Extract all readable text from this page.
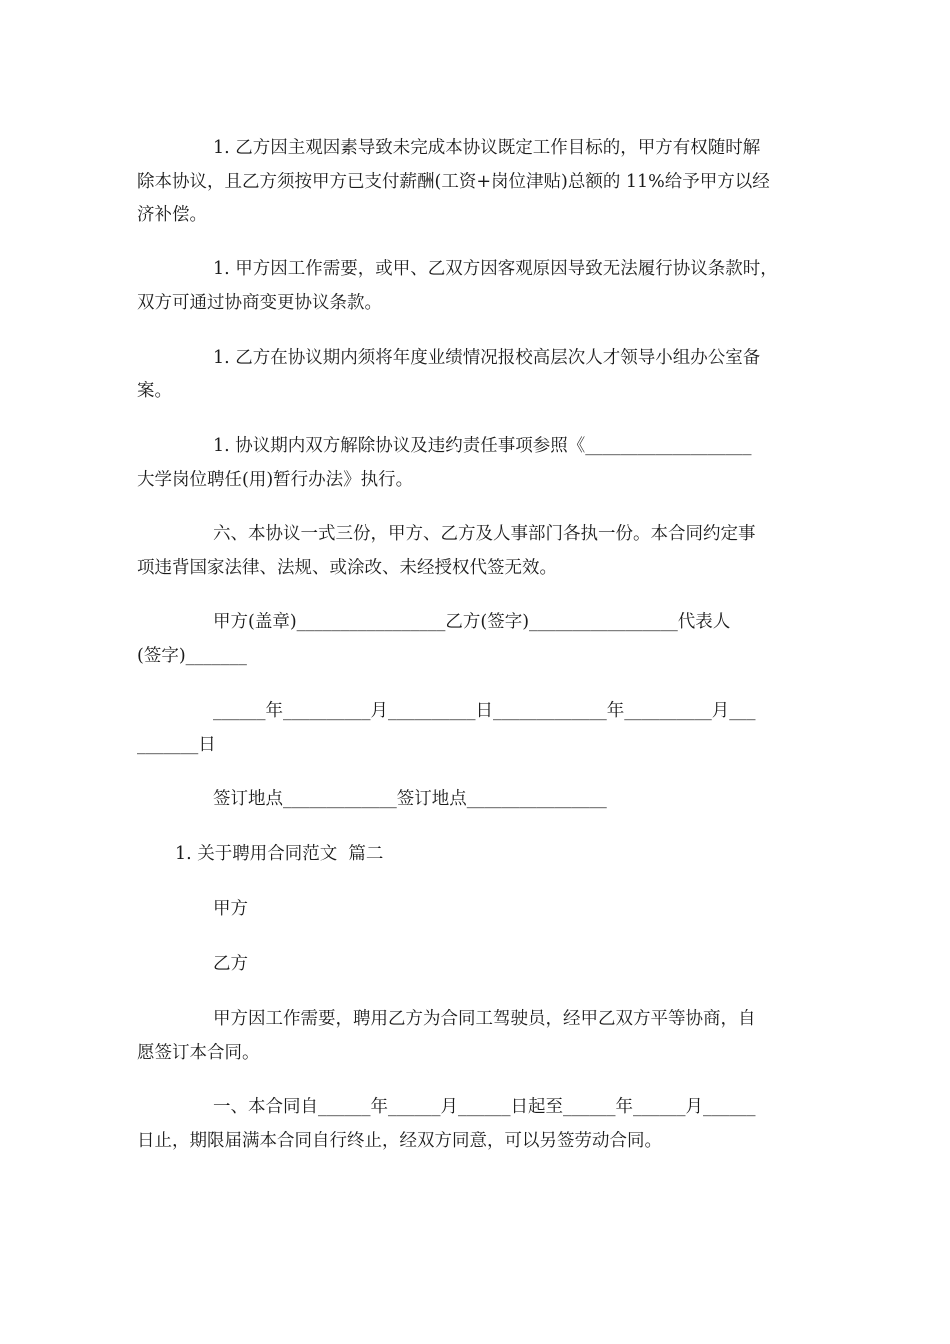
1. 乙方因主观因素导致未完成本协议既定工作目标的，甲方有权随时解

除本协议，且乙方须按甲方已支付薪酬(工资+岗位津贴)总额的 11%给予甲方以经

济补偿。

1. 甲方因工作需要，或甲、乙双方因客观原因导致无法履行协议条款时，

双方可通过协商变更协议条款。

1. 乙方在协议期内须将年度业绩情况报校高层次人才领导小组办公室备

案。

1. 协议期内双方解除协议及违约责任事项参照《___________________

大学岗位聘任(用)暂行办法》执行。

六、本协议一式三份，甲方、乙方及人事部门各执一份。本合同约定事

项违背国家法律、法规、或涂改、未经授权代签无效。

甲方(盖章)_________________乙方(签字)_________________代表人

(签字)_______

______年__________月__________日_____________年__________月___

_______日

签订地点_____________签订地点________________

1. 关于聘用合同范文  篇二

甲方

乙方

甲方因工作需要，聘用乙方为合同工驾驶员，经甲乙双方平等协商，自

愿签订本合同。

一、本合同自______年______月______日起至______年______月______

日止，期限届满本合同自行终止，经双方同意，可以另签劳动合同。
